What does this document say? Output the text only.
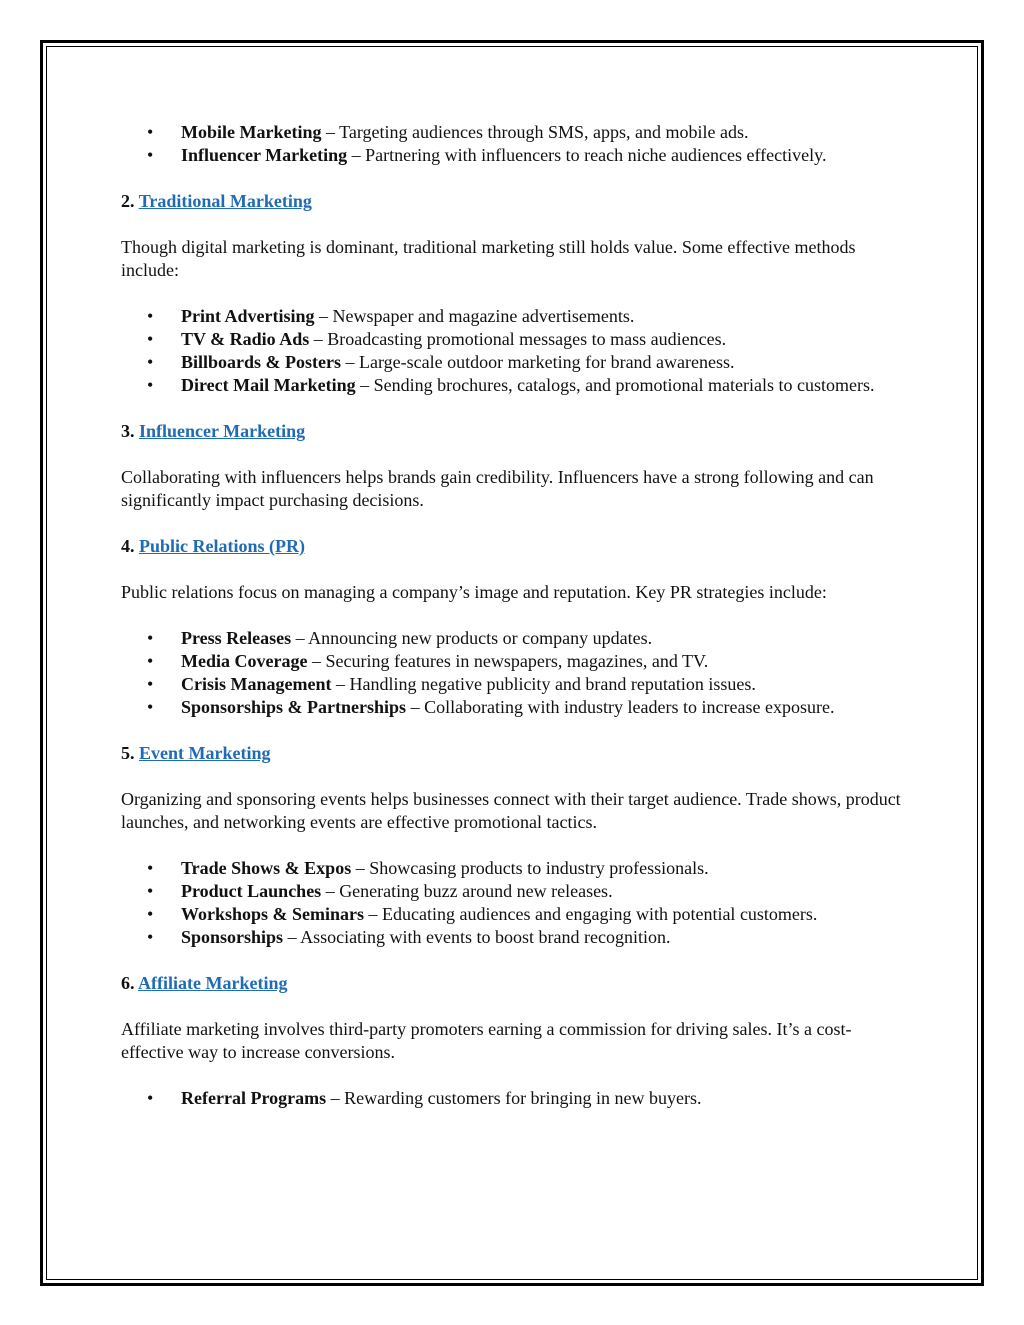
• Mobile Marketing – Targeting audiences through SMS, apps, and mobile ads.
• Influencer Marketing – Partnering with influencers to reach niche audiences effectively.
2. Traditional Marketing

Though digital marketing is dominant, traditional marketing still holds value. Some effective methods include:

• Print Advertising – Newspaper and magazine advertisements.
• TV & Radio Ads – Broadcasting promotional messages to mass audiences.
• Billboards & Posters – Large-scale outdoor marketing for brand awareness.
• Direct Mail Marketing – Sending brochures, catalogs, and promotional materials to customers.
3. Influencer Marketing

Collaborating with influencers helps brands gain credibility. Influencers have a strong following and can significantly impact purchasing decisions.

4. Public Relations (PR)

Public relations focus on managing a company’s image and reputation. Key PR strategies include:

• Press Releases – Announcing new products or company updates.
• Media Coverage – Securing features in newspapers, magazines, and TV.
• Crisis Management – Handling negative publicity and brand reputation issues.
• Sponsorships & Partnerships – Collaborating with industry leaders to increase exposure.
5. Event Marketing

Organizing and sponsoring events helps businesses connect with their target audience. Trade shows, product launches, and networking events are effective promotional tactics.

• Trade Shows & Expos – Showcasing products to industry professionals.
• Product Launches – Generating buzz around new releases.
• Workshops & Seminars – Educating audiences and engaging with potential customers.
• Sponsorships – Associating with events to boost brand recognition.
6. Affiliate Marketing

Affiliate marketing involves third-party promoters earning a commission for driving sales. It’s a cost-effective way to increase conversions.

• Referral Programs – Rewarding customers for bringing in new buyers.
